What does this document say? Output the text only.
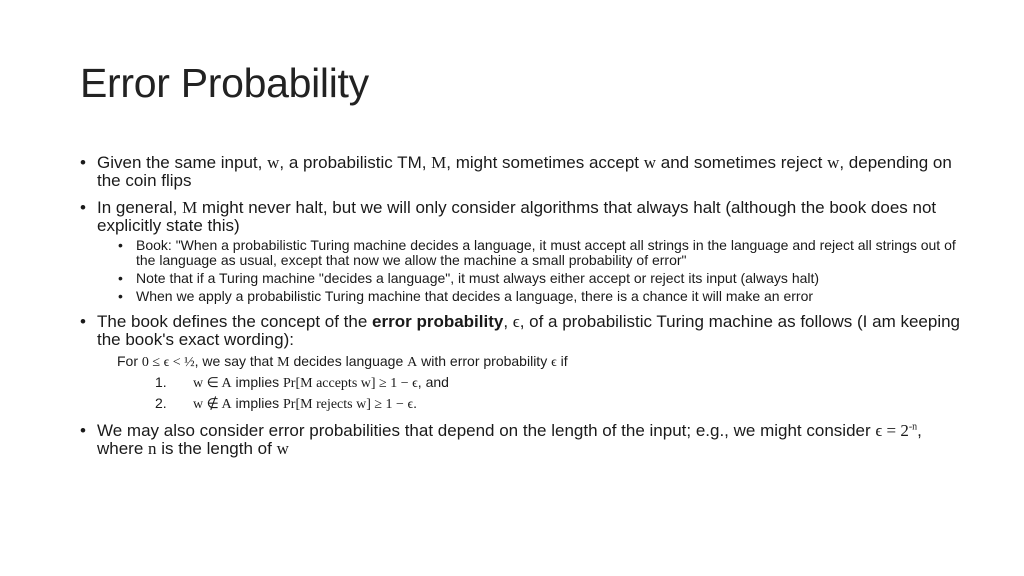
Error Probability
• Given the same input, w, a probabilistic TM, M, might sometimes accept w and sometimes reject w, depending on the coin flips
• In general, M might never halt, but we will only consider algorithms that always halt (although the book does not explicitly state this)
• Book: "When a probabilistic Turing machine decides a language, it must accept all strings in the language and reject all strings out of the language as usual, except that now we allow the machine a small probability of error"
• Note that if a Turing machine "decides a language", it must always either accept or reject its input (always halt)
• When we apply a probabilistic Turing machine that decides a language, there is a chance it will make an error
• The book defines the concept of the error probability, ϵ, of a probabilistic Turing machine as follows (I am keeping the book's exact wording):
For 0 ≤ ϵ < ½, we say that M decides language A with error probability ϵ if
1. w ∈ A implies Pr[M accepts w] ≥ 1 − ϵ, and
2. w ∉ A implies Pr[M rejects w] ≥ 1 − ϵ.
• We may also consider error probabilities that depend on the length of the input; e.g., we might consider $\epsilon = 2^{-n}$, where n is the length of w
